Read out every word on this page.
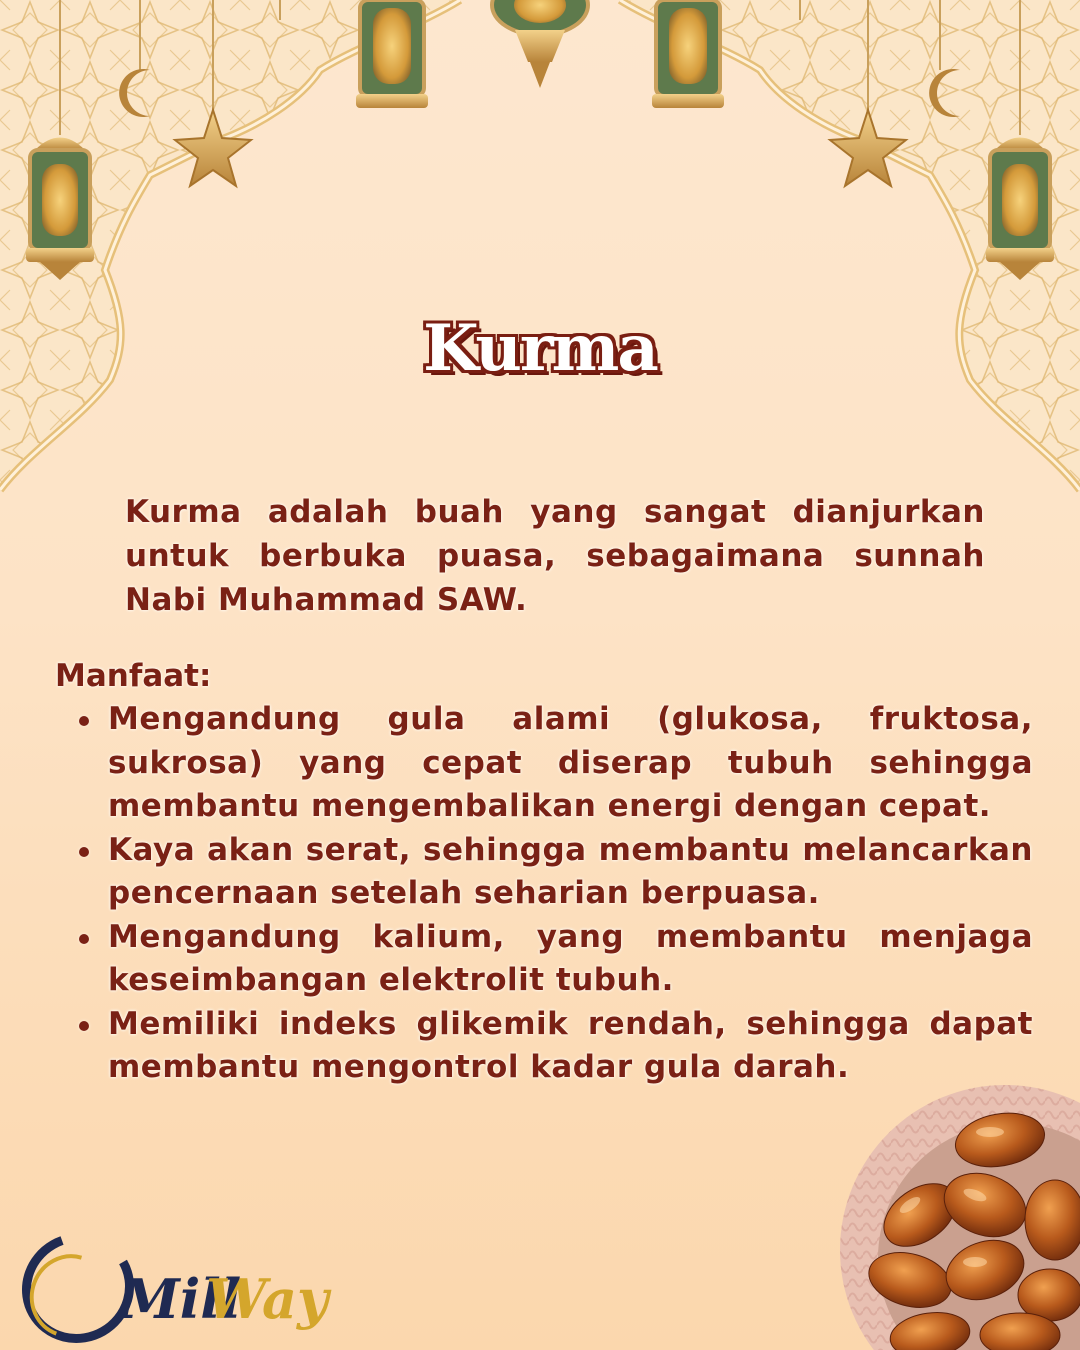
Kurma

Kurma adalah buah yang sangat dianjurkan untuk berbuka puasa, sebagaimana sunnah Nabi Muhammad SAW.

Manfaat:
Mengandung gula alami (glukosa, fruktosa, sukrosa) yang cepat diserap tubuh sehingga membantu mengembalikan energi dengan cepat.
Kaya akan serat, sehingga membantu melancarkan pencernaan setelah seharian berpuasa.
Mengandung kalium, yang membantu menjaga keseimbangan elektrolit tubuh.
Memiliki indeks glikemik rendah, sehingga dapat membantu mengontrol kadar gula darah.
Mill
Way
